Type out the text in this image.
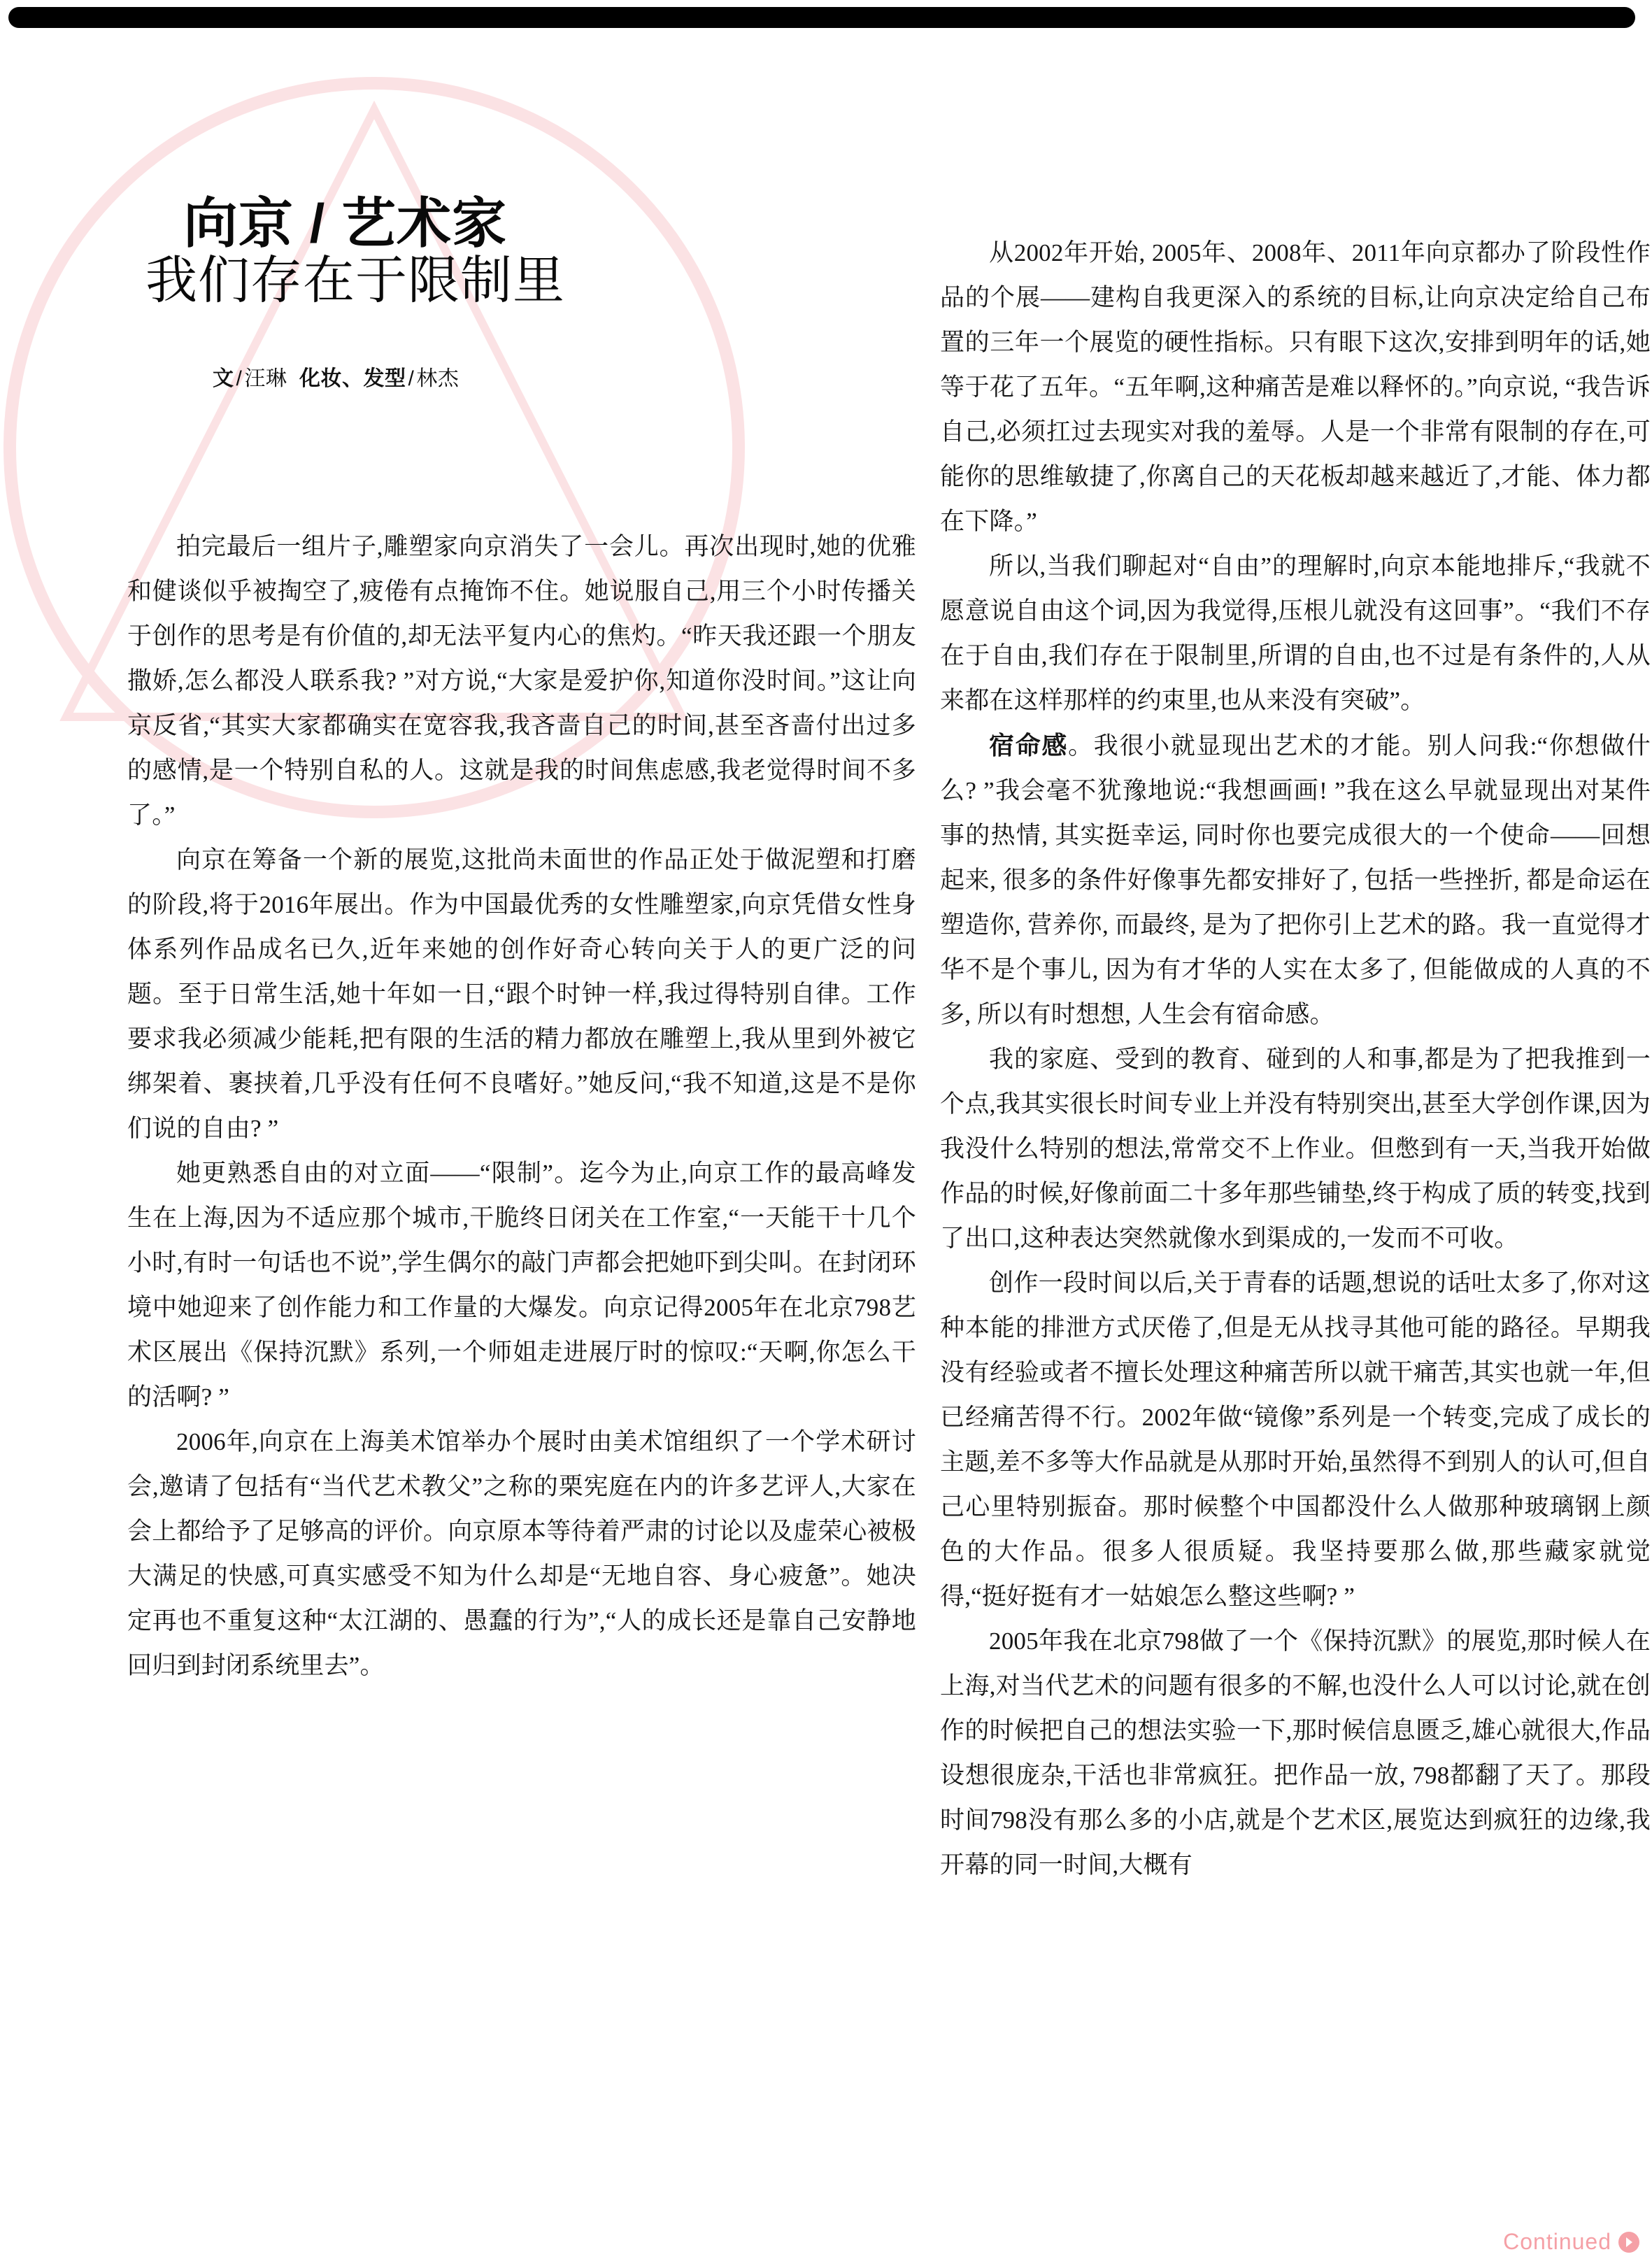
向京 / 艺术家
我们存在于限制里
文 / 汪琳 化妆、发型 / 林杰

拍完最后一组片子,雕塑家向京消失了一会儿。再次出现时,她的优雅和健谈似乎被掏空了,疲倦有点掩饰不住。她说服自己,用三个小时传播关于创作的思考是有价值的,却无法平复内心的焦灼。“昨天我还跟一个朋友撒娇,怎么都没人联系我? ”对方说,“大家是爱护你,知道你没时间。”这让向京反省,“其实大家都确实在宽容我,我吝啬自己的时间,甚至吝啬付出过多的感情,是一个特别自私的人。这就是我的时间焦虑感,我老觉得时间不多了。”

向京在筹备一个新的展览,这批尚未面世的作品正处于做泥塑和打磨的阶段,将于2016年展出。作为中国最优秀的女性雕塑家,向京凭借女性身体系列作品成名已久,近年来她的创作好奇心转向关于人的更广泛的问题。至于日常生活,她十年如一日,“跟个时钟一样,我过得特别自律。工作要求我必须减少能耗,把有限的生活的精力都放在雕塑上,我从里到外被它绑架着、裹挟着,几乎没有任何不良嗜好。”她反问,“我不知道,这是不是你们说的自由? ”

她更熟悉自由的对立面——“限制”。迄今为止,向京工作的最高峰发生在上海,因为不适应那个城市,干脆终日闭关在工作室,“一天能干十几个小时,有时一句话也不说”,学生偶尔的敲门声都会把她吓到尖叫。在封闭环境中她迎来了创作能力和工作量的大爆发。向京记得2005年在北京798艺术区展出《保持沉默》系列,一个师姐走进展厅时的惊叹:“天啊,你怎么干的活啊? ”

2006年,向京在上海美术馆举办个展时由美术馆组织了一个学术研讨会,邀请了包括有“当代艺术教父”之称的栗宪庭在内的许多艺评人,大家在会上都给予了足够高的评价。向京原本等待着严肃的讨论以及虚荣心被极大满足的快感,可真实感受不知为什么却是“无地自容、身心疲惫”。她决定再也不重复这种“太江湖的、愚蠢的行为”,“人的成长还是靠自己安静地回归到封闭系统里去”。

从2002年开始, 2005年、2008年、2011年向京都办了阶段性作品的个展——建构自我更深入的系统的目标,让向京决定给自己布置的三年一个展览的硬性指标。只有眼下这次,安排到明年的话,她等于花了五年。“五年啊,这种痛苦是难以释怀的。”向京说, “我告诉自己,必须扛过去现实对我的羞辱。人是一个非常有限制的存在,可能你的思维敏捷了,你离自己的天花板却越来越近了,才能、体力都在下降。”

所以,当我们聊起对“自由”的理解时,向京本能地排斥,“我就不愿意说自由这个词,因为我觉得,压根儿就没有这回事”。“我们不存在于自由,我们存在于限制里,所谓的自由,也不过是有条件的,人从来都在这样那样的约束里,也从来没有突破”。

宿命感。我很小就显现出艺术的才能。别人问我:“你想做什么? ”我会毫不犹豫地说:“我想画画! ”我在这么早就显现出对某件事的热情, 其实挺幸运, 同时你也要完成很大的一个使命——回想起来, 很多的条件好像事先都安排好了, 包括一些挫折, 都是命运在塑造你, 营养你, 而最终, 是为了把你引上艺术的路。我一直觉得才华不是个事儿, 因为有才华的人实在太多了, 但能做成的人真的不多, 所以有时想想, 人生会有宿命感。

我的家庭、受到的教育、碰到的人和事,都是为了把我推到一个点,我其实很长时间专业上并没有特别突出,甚至大学创作课,因为我没什么特别的想法,常常交不上作业。但憋到有一天,当我开始做作品的时候,好像前面二十多年那些铺垫,终于构成了质的转变,找到了出口,这种表达突然就像水到渠成的,一发而不可收。

创作一段时间以后,关于青春的话题,想说的话吐太多了,你对这种本能的排泄方式厌倦了,但是无从找寻其他可能的路径。早期我没有经验或者不擅长处理这种痛苦所以就干痛苦,其实也就一年,但已经痛苦得不行。2002年做“镜像”系列是一个转变,完成了成长的主题,差不多等大作品就是从那时开始,虽然得不到别人的认可,但自己心里特别振奋。那时候整个中国都没什么人做那种玻璃钢上颜色的大作品。很多人很质疑。我坚持要那么做,那些藏家就觉得,“挺好挺有才一姑娘怎么整这些啊? ”

2005年我在北京798做了一个《保持沉默》的展览,那时候人在上海,对当代艺术的问题有很多的不解,也没什么人可以讨论,就在创作的时候把自己的想法实验一下,那时候信息匮乏,雄心就很大,作品设想很庞杂,干活也非常疯狂。把作品一放, 798都翻了天了。那段时间798没有那么多的小店,就是个艺术区,展览达到疯狂的边缘,我开幕的同一时间,大概有

Continued
